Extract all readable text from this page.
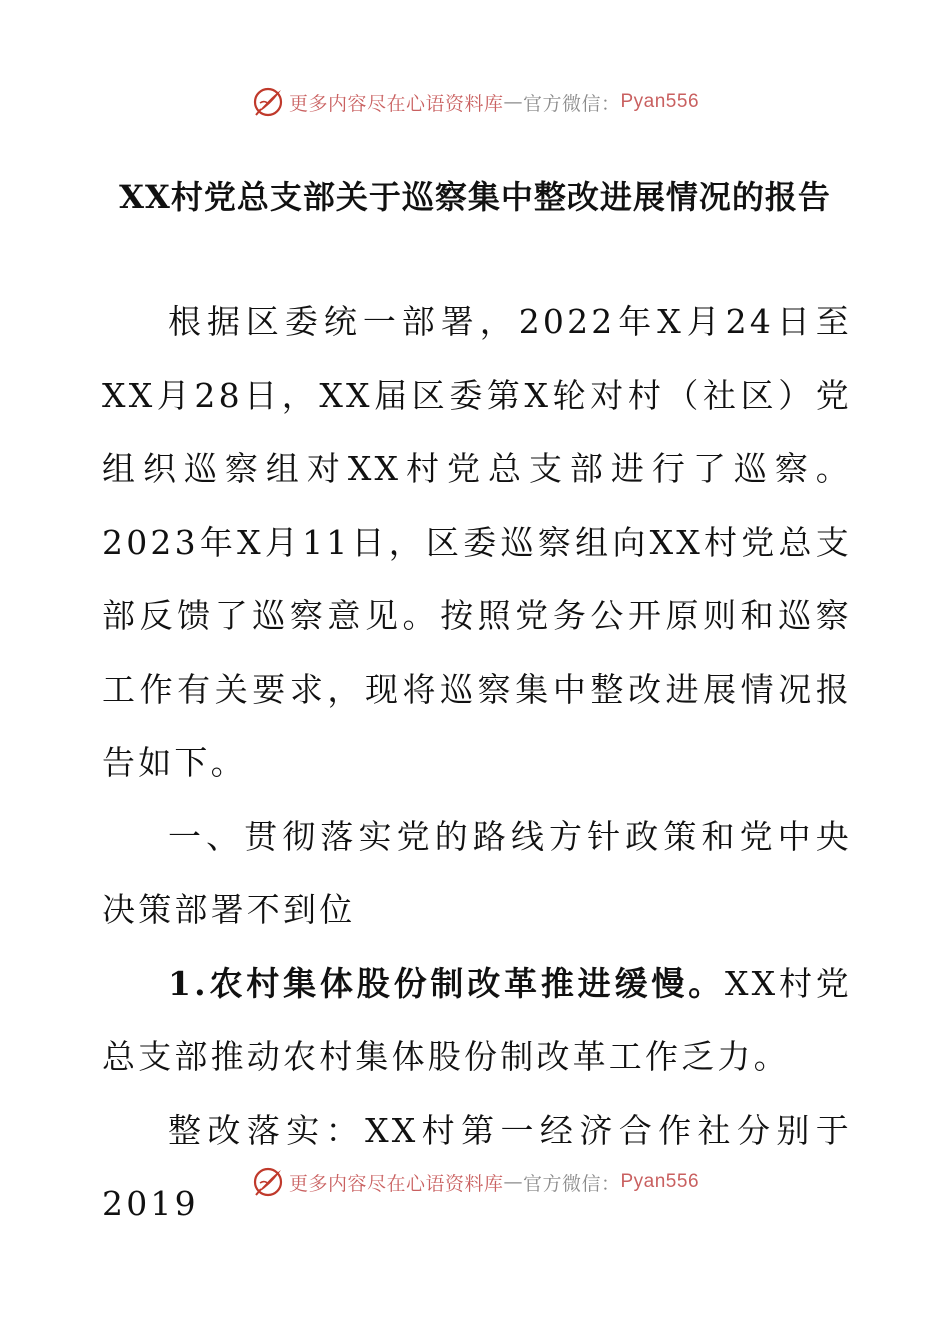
更多内容尽在心语资料库 — 官方微信： Pyan556
XX村党总支部关于巡察集中整改进展情况的报告

根据区委统一部署，2022年X月24日至XX月28日，XX届区委第X轮对村（社区）党组织巡察组对XX村党总支部进行了巡察。2023年X月11日，区委巡察组向XX村党总支部反馈了巡察意见。按照党务公开原则和巡察工作有关要求，现将巡察集中整改进展情况报告如下。

一、贯彻落实党的路线方针政策和党中央决策部署不到位

1.农村集体股份制改革推进缓慢。XX村党总支部推动农村集体股份制改革工作乏力。

整改落实：XX村第一经济合作社分别于2019

更多内容尽在心语资料库 — 官方微信： Pyan556
